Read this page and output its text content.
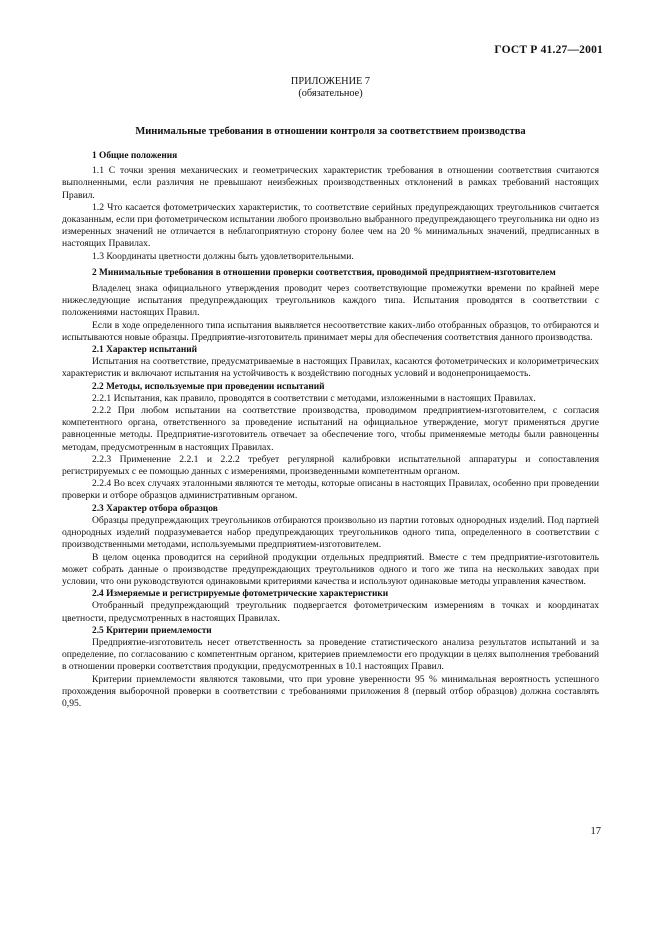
ГОСТ Р 41.27—2001
ПРИЛОЖЕНИЕ 7
(обязательное)
Минимальные требования в отношении контроля за соответствием производства
1 Общие положения

1.1 С точки зрения механических и геометрических характеристик требования в отношении соответствия считаются выполненными, если различия не превышают неизбежных производственных отклонений в рамках требований настоящих Правил.

1.2 Что касается фотометрических характеристик, то соответствие серийных предупреждающих треугольников считается доказанным, если при фотометрическом испытании любого произвольно выбранного предупреждающего треугольника ни одно из измеренных значений не отличается в неблагоприятную сторону более чем на 20 % минимальных значений, предписанных в настоящих Правилах.

1.3 Координаты цветности должны быть удовлетворительными.

2 Минимальные требования в отношении проверки соответствия, проводимой предприятием-изготовителем

Владелец знака официального утверждения проводит через соответствующие промежутки времени по крайней мере нижеследующие испытания предупреждающих треугольников каждого типа. Испытания проводятся в соответствии с положениями настоящих Правил.

Если в ходе определенного типа испытания выявляется несоответствие каких-либо отобранных образцов, то отбираются и испытываются новые образцы. Предприятие-изготовитель принимает меры для обеспечения соответствия данного производства.

2.1 Характер испытаний

Испытания на соответствие, предусматриваемые в настоящих Правилах, касаются фотометрических и колориметрических характеристик и включают испытания на устойчивость к воздействию погодных условий и водонепроницаемость.

2.2 Методы, используемые при проведении испытаний

2.2.1 Испытания, как правило, проводятся в соответствии с методами, изложенными в настоящих Правилах.

2.2.2 При любом испытании на соответствие производства, проводимом предприятием-изготовителем, с согласия компетентного органа, ответственного за проведение испытаний на официальное утверждение, могут применяться другие равноценные методы. Предприятие-изготовитель отвечает за обеспечение того, чтобы применяемые методы были равноценны методам, предусмотренным в настоящих Правилах.

2.2.3 Применение 2.2.1 и 2.2.2 требует регулярной калибровки испытательной аппаратуры и сопоставления регистрируемых с ее помощью данных с измерениями, произведенными компетентным органом.

2.2.4 Во всех случаях эталонными являются те методы, которые описаны в настоящих Правилах, особенно при проведении проверки и отборе образцов административным органом.

2.3 Характер отбора образцов

Образцы предупреждающих треугольников отбираются произвольно из партии готовых однородных изделий. Под партией однородных изделий подразумевается набор предупреждающих треугольников одного типа, определенного в соответствии с производственными методами, используемыми предприятием-изготовителем.

В целом оценка проводится на серийной продукции отдельных предприятий. Вместе с тем предприятие-изготовитель может собрать данные о производстве предупреждающих треугольников одного и того же типа на нескольких заводах при условии, что они руководствуются одинаковыми критериями качества и используют одинаковые методы управления качеством.

2.4 Измеряемые и регистрируемые фотометрические характеристики

Отобранный предупреждающий треугольник подвергается фотометрическим измерениям в точках и координатах цветности, предусмотренных в настоящих Правилах.

2.5 Критерии приемлемости

Предприятие-изготовитель несет ответственность за проведение статистического анализа результатов испытаний и за определение, по согласованию с компетентным органом, критериев приемлемости его продукции в целях выполнения требований в отношении проверки соответствия продукции, предусмотренных в 10.1 настоящих Правил.

Критерии приемлемости являются таковыми, что при уровне уверенности 95 % минимальная вероятность успешного прохождения выборочной проверки в соответствии с требованиями приложения 8 (первый отбор образцов) должна составлять 0,95.

17
